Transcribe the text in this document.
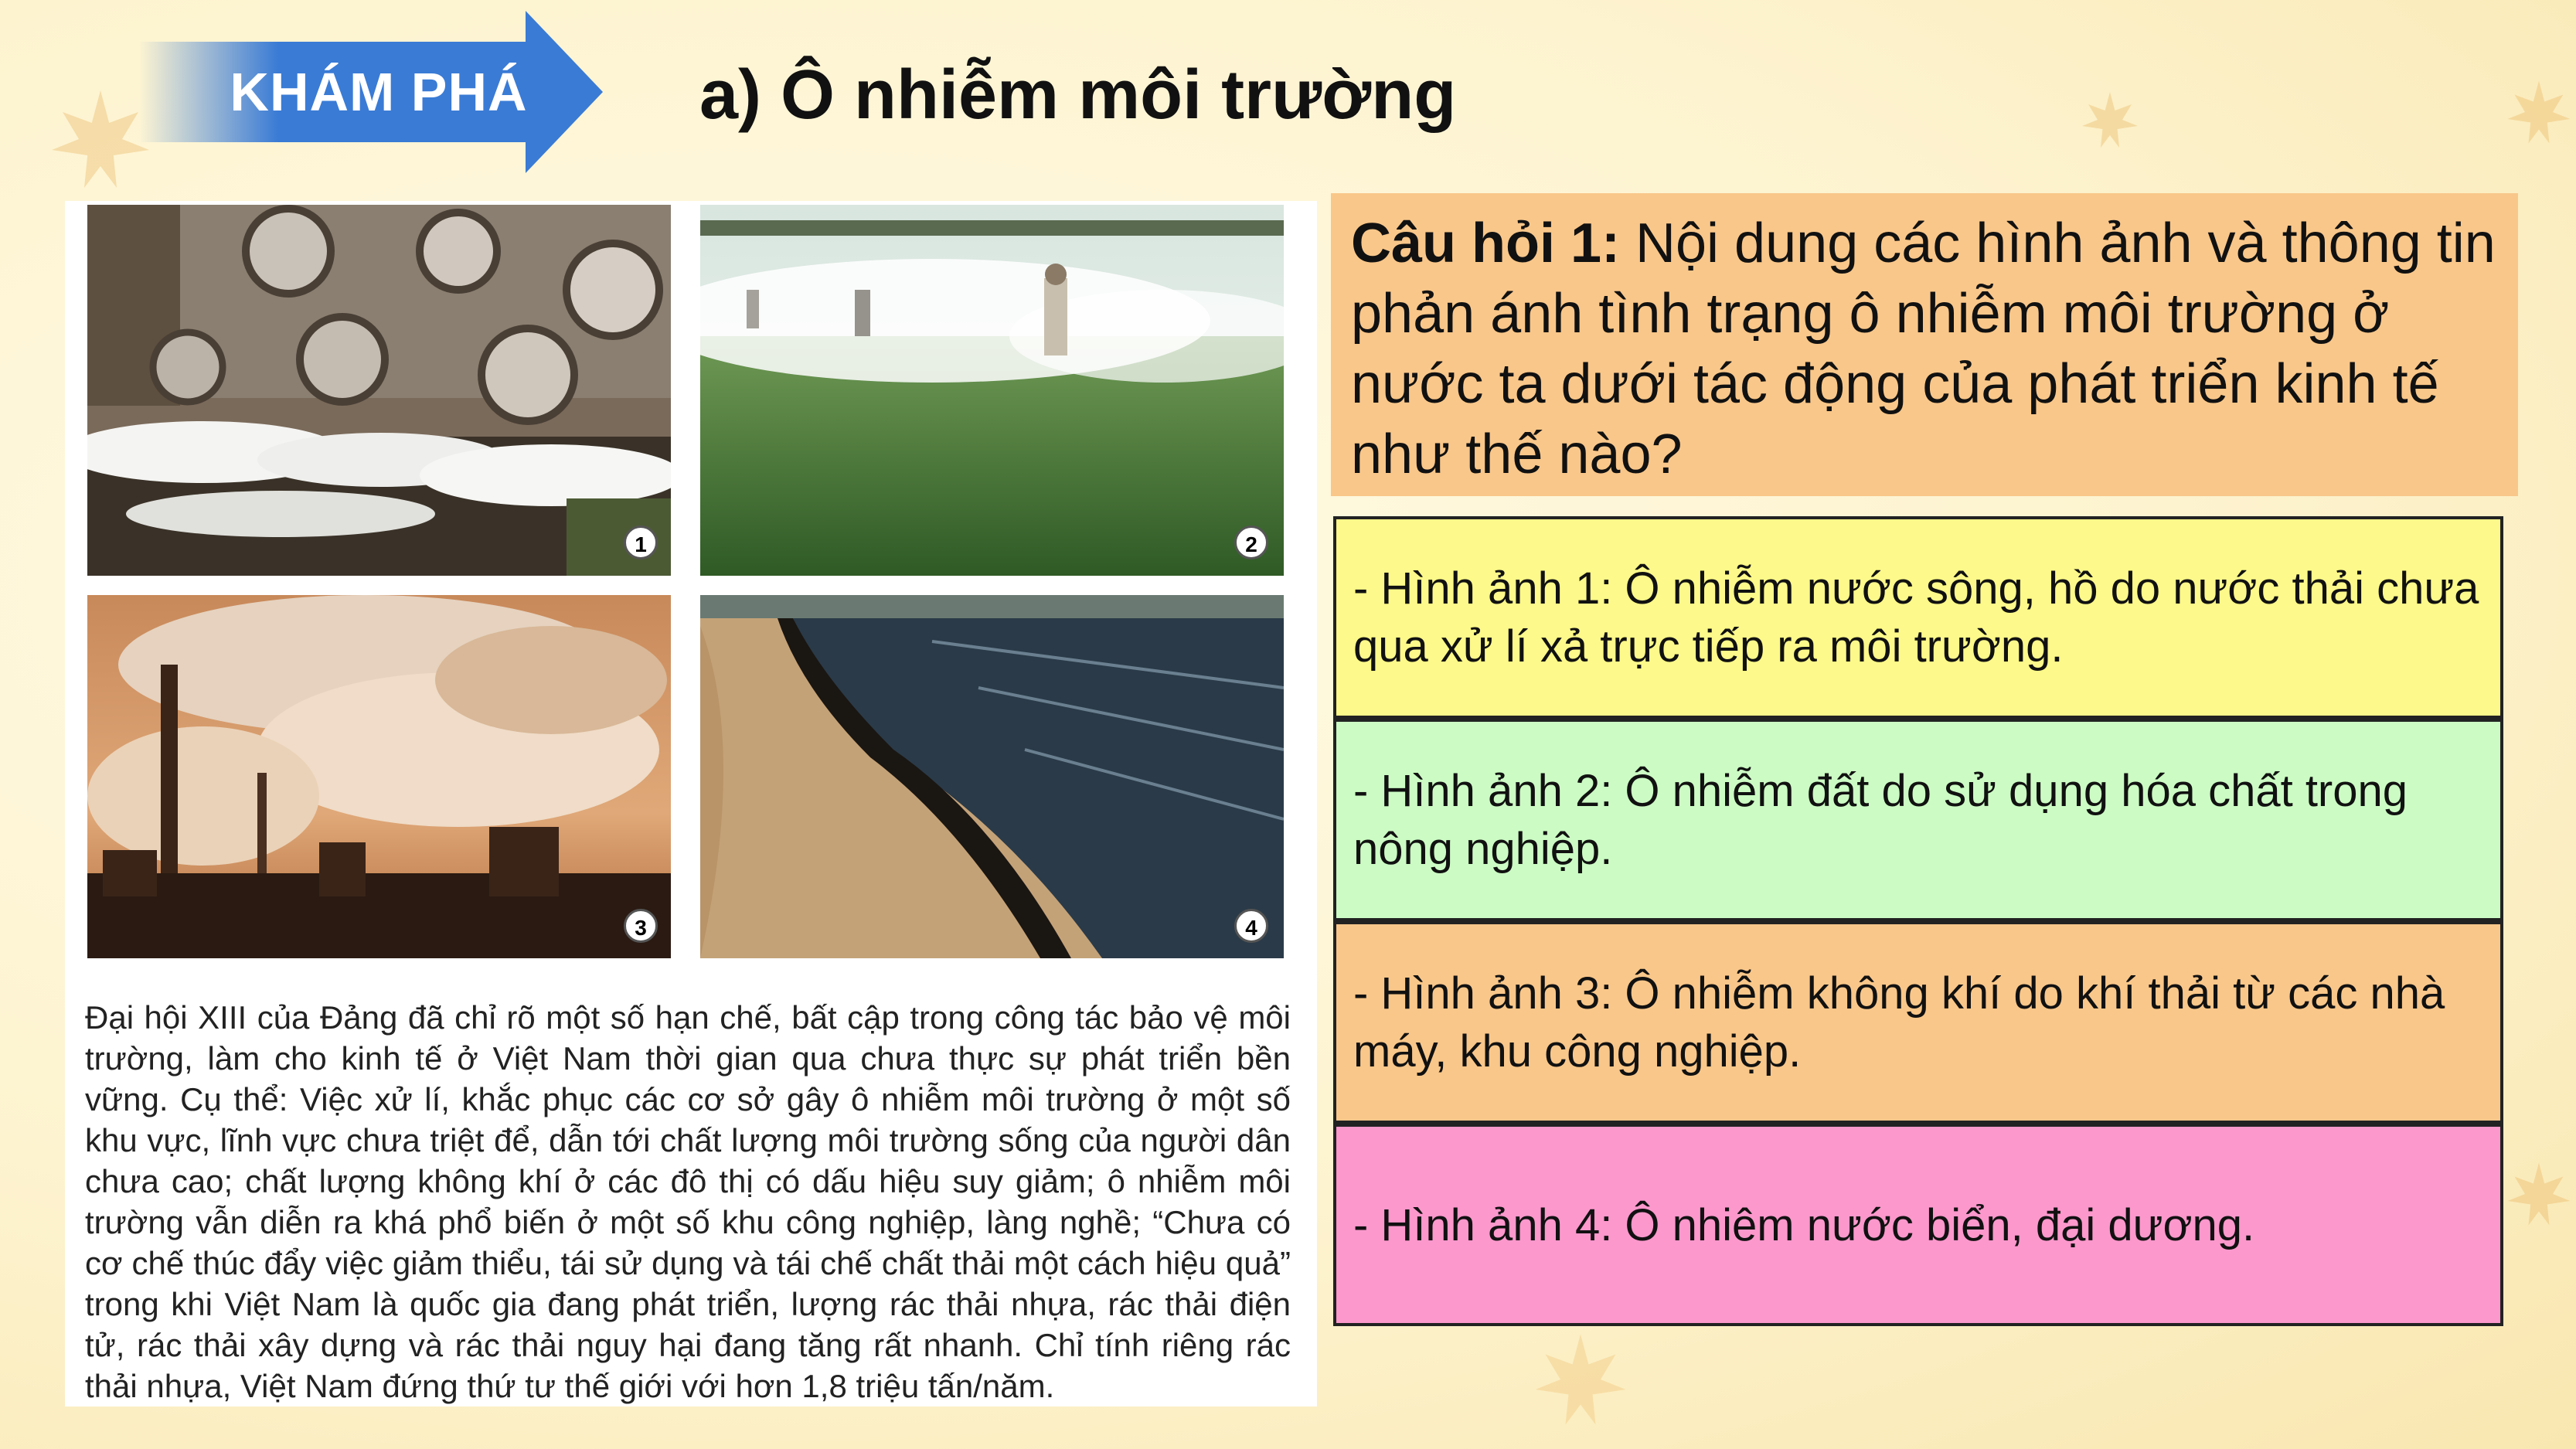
KHÁM PHÁ a) Ô nhiễm môi trường
1	2
3	4
Đại hội XIII của Đảng đã chỉ rõ một số hạn chế, bất cập trong công tác bảo vệ môi trường, làm cho kinh tế ở Việt Nam thời gian qua chưa thực sự phát triển bền vững. Cụ thể: Việc xử lí, khắc phục các cơ sở gây ô nhiễm môi trường ở một số khu vực, lĩnh vực chưa triệt để, dẫn tới chất lượng môi trường sống của người dân chưa cao; chất lượng không khí ở các đô thị có dấu hiệu suy giảm; ô nhiễm môi trường vẫn diễn ra khá phổ biến ở một số khu công nghiệp, làng nghề; “Chưa có cơ chế thúc đẩy việc giảm thiểu, tái sử dụng và tái chế chất thải một cách hiệu quả” trong khi Việt Nam là quốc gia đang phát triển, lượng rác thải nhựa, rác thải điện tử, rác thải xây dựng và rác thải nguy hại đang tăng rất nhanh. Chỉ tính riêng rác thải nhựa, Việt Nam đứng thứ tư thế giới với hơn 1,8 triệu tấn/năm.
Câu hỏi 1: Nội dung các hình ảnh và thông tin phản ánh tình trạng ô nhiễm môi trường ở nước ta dưới tác động của phát triển kinh tế như thế nào?
- Hình ảnh 1: Ô nhiễm nước sông, hồ do nước thải chưa qua xử lí xả trực tiếp ra môi trường.
- Hình ảnh 2: Ô nhiễm đất do sử dụng hóa chất trong nông nghiệp.
- Hình ảnh 3: Ô nhiễm không khí do khí thải từ các nhà máy, khu công nghiệp.
- Hình ảnh 4: Ô nhiêm nước biển, đại dương.
